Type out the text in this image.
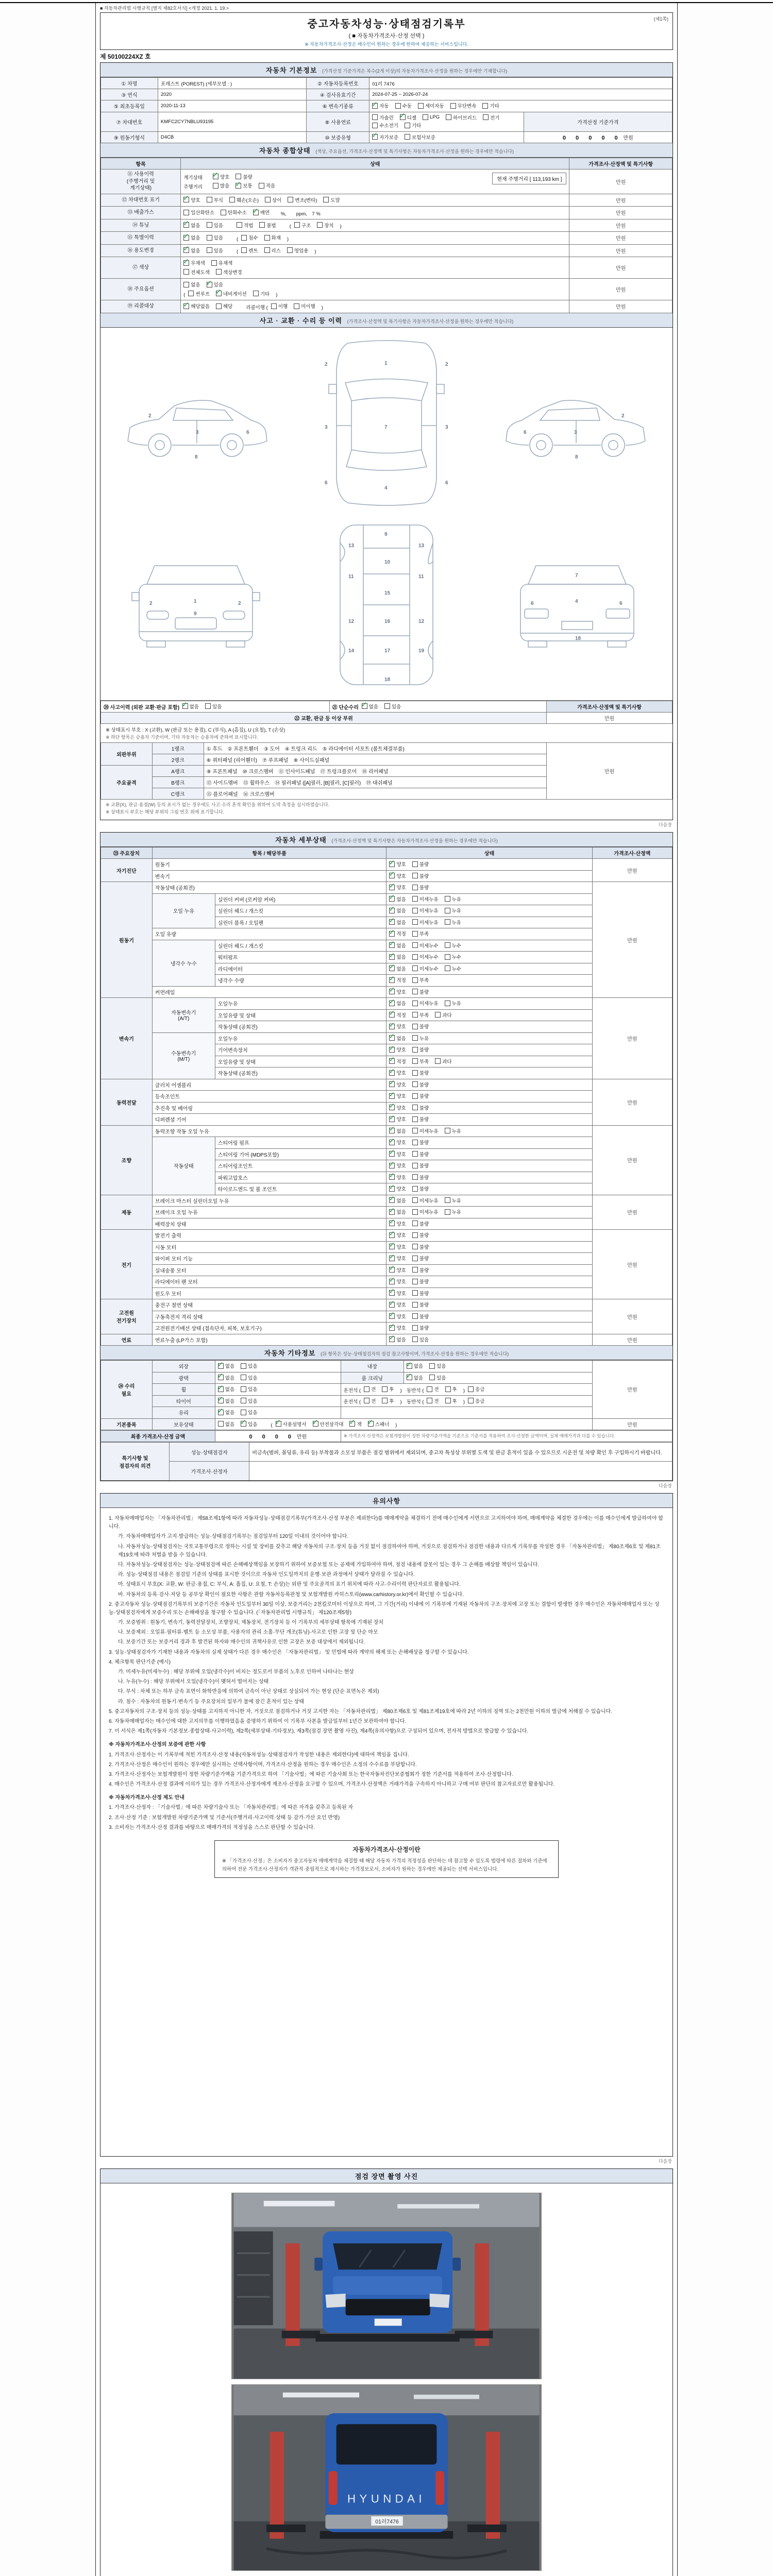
■ 자동차관리법 시행규칙 [별지 제82호서식] <개정 2021. 1. 19.>
중고자동차성능·상태점검기록부
( ■ 자동차가격조사·산정 선택 )
※ 자동차가격조사·산정은 매수인이 원하는 경우에 한하여 제공하는 서비스입니다.
(제1쪽)
제 50100224XZ 호
자동차 기본정보 (가격산정 기준가격은 복수(2개 이상)의 자동차가격조사·산정을 원하는 경우에만 기재합니다)
① 차명	포레스트 (POREST) (세부모델 : )	② 자동차등록번호	01러 7476	
③ 연식	2020	④ 검사유효기간	2024-07-25 ~ 2026-07-24	
⑤ 최초등록일	2020-11-13	⑥ 변속기종류	
✓자동 수동 세미자동 무단변속 기타

⑦ 차대번호	KMFC2CY7NBLU93195	⑧ 사용연료	
가솔린 ✓	디젤	LPG	하이브리드	전기
수소전기	기타
	가격산정 기준가격
⑨ 원동기형식	D4CB	⑩ 보증유형	
✓자가보증 보험사보증	0 0 0 0 0 만원
자동차 종합상태 (색상, 주요옵션, 가격조사·산정액 및 특기사항은 자동차가격조사·산정을 원하는 경우에만 적습니다)
항목	상태	가격조사·산정액 및 특기사항
⑪ 사용이력
(주행거리 및
계기상태)	
현재 주행거리 [ 113,193 km ]
계기상태 ✓	양호	불량
주행거리	많음 ✓	보통	적음
	만원
⑫ 차대번호 표기	
✓양호	부식	훼손(오손)	상이	변조(변타)	도말	만원
⑬ 배출가스	일산화탄소 탄화수소 ✓ 매연 　%,　　ppm,　7 %	만원
⑭ 튜닝	
✓없음	있음	적법	불법	( 구조	장치 )	만원
⑮ 특별이력	
✓없음	있음	( 침수	화재 )	만원
⑯ 용도변경	
✓없음	있음	( 렌트	리스	영업용 )	만원
⑰ 색상	
✓
무채색 유채색
전체도색 색상변경	만원
⑱ 주요옵션	
없음 ✓	있음
( 썬루프 ✓	네비게이션	기타 )
	만원
⑲ 리콜대상	
✓해당없음	해당	리콜이행 ( 이행	미이행 )	만원
사고 · 교환 · 수리 등 이력 (가격조사·산정액 및 특기사항은 자동차가격조사·산정을 원하는 경우에만 적습니다)
2
3	6
8
1
7
4
2	2
3	3
6	6
2
3
6
8
1
9
2	2
9
10
11	11
12	12
13	13
14
15
16
17
18
19
7
4
18
6	6
⑳ 사고이력 (외판 교환·판금 포함) ✓ 없음 있음	㉑ 단순수리 ✓ 없음 있음	가격조사·산정액 및 특기사항
㉒ 교환, 판금 등 이상 부위		만원
※ 상태표시 부호 : X (교환), W (판금 또는 용접), C (부식), A (흠집), U (요철), T (손상)
※ 하단 항목은 승용차 기준이며, 기타 자동차는 승용차에 준하여 표시합니다.
외판부위	1랭크	① 후드　② 프론트휀더　③ 도어　④ 트렁크 리드　⑤ 라디에이터 서포트 (볼트체결부품)	만원
	2랭크	⑥ 쿼터패널 (리어휀더)　⑦ 루프패널　⑧ 사이드실패널	
주요골격	A랭크	⑨ 프론트패널　⑩ 크로스멤버　⑪ 인사이드패널　⑰ 트렁크플로어　⑱ 리어패널	
	B랭크	⑫ 사이드멤버　⑬ 휠하우스　⑭ 필러패널 ([A]필러, [B]필러, [C]필러)　⑲ 대쉬패널	
	C랭크	⑮ 플로어패널　⑯ 크로스멤버	
※ 교환(X), 판금·용접(W) 등의 표시가 없는 경우에도 사고·수리 흔적 확인을 위하여 도막 측정을 실시하였습니다.
※ 상태표시 부호는 해당 부위의 그림 번호 위에 표기합니다.
다음장
자동차 세부상태 (가격조사·산정액 및 특기사항은 자동차가격조사·산정을 원하는 경우에만 적습니다)
㉓ 주요장치	항목 / 해당부품		상태	가격조사·산정액
자기진단	원동기	
✓양호 불량	만원
	변속기	
✓양호 불량

원동기	작동상태 (공회전)	
✓양호 불량	만원
	오일 누유	실린더 커버 (로커암 커버)	
✓없음 미세누유 누유

		실린더 헤드 / 개스킷	
✓없음 미세누유 누유

		실린더 블록 / 오일팬	
✓없음 미세누유 누유

	오일 유량	
✓적정 부족

	냉각수 누수	실린더 헤드 / 개스킷	
✓없음 미세누수 누수

		워터펌프	
✓없음 미세누수 누수

		라디에이터	
✓없음 미세누수 누수

		냉각수 수량	
✓적정 부족

	커먼레일	
✓양호 불량

변속기	자동변속기
(A/T)	오일누유	
✓없음 미세누유 누유	만원
		오일유량 및 상태	
✓적정 부족 과다

		작동상태 (공회전)	
✓양호 불량

	수동변속기
(M/T)	오일누유	
✓없음 누유

		기어변속장치	
✓양호 불량

		오일유량 및 상태	
✓적정 부족 과다

		작동상태 (공회전)	
✓양호 불량

동력전달	클러치 어셈블리	
✓양호 불량	만원
	등속조인트	
✓양호 불량

	추진축 및 베어링	
✓양호 불량

	디퍼렌셜 기어	
✓양호 불량

조향	동력조향 작동 오일 누유	
✓없음 미세누유 누유	만원
	작동상태	스티어링 펌프	
✓양호 불량

		스티어링 기어 (MDPS포함)	
✓양호 불량

		스티어링조인트	
✓양호 불량

		파워고압호스	
✓양호 불량

		타이로드엔드 및 볼 조인트	
✓양호 불량

제동	브레이크 마스터 실린더오일 누유	
✓없음 미세누유 누유	만원
	브레이크 오일 누유	
✓없음 미세누유 누유

	배력장치 상태	
✓양호 불량

전기	발전기 출력	
✓양호 불량	만원
	시동 모터	
✓양호 불량

	와이퍼 모터 기능	
✓양호 불량

	실내송풍 모터	
✓양호 불량

	라디에이터 팬 모터	
✓양호 불량

	윈도우 모터	
✓양호 불량

고전원
전기장치	충전구 절연 상태	
✓양호 불량	만원
	구동축전지 격리 상태	
✓양호 불량

	고전원전기배선 상태 (접속단자, 피복, 보호기구)	
✓양호 불량

연료	연료누출 (LP가스 포함)	
✓없음 있음	만원
자동차 기타정보 (㉔ 항목은 성능·상태점검자의 점검 참고사항이며, 가격조사·산정을 원하는 경우에만 적습니다)
㉔ 수리
필요	외장	
✓없음 있음	내장	
✓없음 있음	만원
	광택	
✓없음 있음	룸 크리닝	
✓없음 있음

휠	
✓없음	있음	운전석 ( 전	후 )　동반석 ( 전	후 ) 응급

타이어	
✓없음	있음	운전석 ( 전	후 )　동반석 ( 전	후 ) 응급

	유리	
✓없음 있음

기본품목	보유상태	없음 ✓	있음	( ✓ 사용설명서 ✓	안전삼각대 ✓	잭 ✓	스패너 )	만원
최종 가격조사·산정 금액	0 0 0 0 만원	※ 가격조사·산정액은 보험개발원이 정한 차량기준가액을 기준으로 기준서를 적용하여 조사·산정한 금액이며, 실제 매매가격과 다를 수 있습니다.
특기사항 및
점검자의 의견	성능·상태점검자	비금속(범퍼, 몰딩류, 유리 등) 부착물과 소모성 부품은 점검 범위에서 제외되며, 중고차 특성상 부위별 도색 및 판금 흔적이 있을 수 있으므로 시운전 및 차량 확인 후 구입하시기 바랍니다.
	가격조사·산정자	
다음장
유의사항
1. 자동차매매업자는 「자동차관리법」 제58조제1항에 따라 자동차성능·상태점검기록부(가격조사·산정 부분은 제외한다)를 매매계약을 체결하기 전에 매수인에게 서면으로 고지하여야 하며, 매매계약을 체결한 경우에는 이를 매수인에게 발급하여야 합니다.
가. 자동차매매업자가 고지·발급하는 성능·상태점검기록부는 점검일부터 120일 이내의 것이어야 합니다.
나. 자동차성능·상태점검자는 국토교통부령으로 정하는 시설 및 장비를 갖추고 해당 자동차의 구조·장치 등을 거짓 없이 점검하여야 하며, 거짓으로 점검하거나 점검한 내용과 다르게 기록부를 작성한 경우 「자동차관리법」 제80조제6호 및 제81조제19호에 따라 처벌을 받을 수 있습니다.
다. 자동차성능·상태점검자는 성능·상태점검에 따른 손해배상책임을 보장하기 위하여 보증보험 또는 공제에 가입하여야 하며, 점검 내용에 잘못이 있는 경우 그 손해를 배상할 책임이 있습니다.
라. 성능·상태점검 내용은 점검일 기준의 상태를 표시한 것이므로 자동차 인도일까지의 운행·보관 과정에서 상태가 달라질 수 있습니다.
마. 상태표시 부호(X: 교환, W: 판금·용접, C: 부식, A: 흠집, U: 요철, T: 손상)는 외판 및 주요골격의 표기 위치에 따라 사고·수리이력 판단자료로 활용됩니다.
바. 자동차의 등록·검사·저당 등 공부상 확인이 필요한 사항은 관할 자동차등록관청 및 보험개발원 카히스토리(www.carhistory.or.kr)에서 확인할 수 있습니다.
2. 중고자동차 성능·상태점검기록부의 보증기간은 자동차 인도일부터 30일 이상, 보증거리는 2천킬로미터 이상으로 하며, 그 기간(거리) 이내에 이 기록부에 기재된 자동차의 구조·장치에 고장 또는 결함이 발생한 경우 매수인은 자동차매매업자 또는 성능·상태점검자에게 보증수리 또는 손해배상을 청구할 수 있습니다. (「자동차관리법 시행규칙」 제120조제5항)
가. 보증범위 : 원동기, 변속기, 동력전달장치, 조향장치, 제동장치, 전기장치 등 이 기록부의 세부상태 항목에 기재된 장치
나. 보증제외 : 오일류·필터류·벨트 등 소모성 부품, 사용자의 관리 소홀·무단 개조(튜닝)·사고로 인한 고장 및 단순 마모
다. 보증기간 또는 보증거리 경과 후 발견된 하자와 매수인의 귀책사유로 인한 고장은 보증 대상에서 제외됩니다.
3. 성능·상태점검자가 기재한 내용과 자동차의 실제 상태가 다른 경우 매수인은 「자동차관리법」 및 민법에 따라 계약의 해제 또는 손해배상을 청구할 수 있습니다.
4. 체크항목 판단기준 (예시)
가. 미세누유(미세누수) : 해당 부위에 오일(냉각수)이 비치는 정도로서 부품의 노후로 인하여 나타나는 현상
나. 누유(누수) : 해당 부위에서 오일(냉각수)이 맺혀서 떨어지는 상태
다. 부식 : 차체 또는 하부 금속 표면이 화학반응에 의하여 금속이 아닌 상태로 상실되어 가는 현상 (단순 표면녹은 제외)
라. 침수 : 자동차의 원동기·변속기 등 주요장치의 일부가 물에 잠긴 흔적이 있는 상태
5. 중고자동차의 구조·장치 등의 성능·상태를 고지하지 아니한 자, 거짓으로 점검하거나 거짓 고지한 자는 「자동차관리법」 제80조제6호 및 제81조제19호에 따라 2년 이하의 징역 또는 2천만원 이하의 벌금에 처해질 수 있습니다.
6. 자동차매매업자는 매수인에 대한 고지의무를 이행하였음을 증명하기 위하여 이 기록부 사본을 발급일부터 1년간 보관하여야 합니다.
7. 이 서식은 제1쪽(자동차 기본정보·종합상태·사고이력), 제2쪽(세부상태·기타정보), 제3쪽(점검 장면 촬영 사진), 제4쪽(유의사항)으로 구성되어 있으며, 전자적 방법으로 발급할 수 있습니다.
※ 자동차가격조사·산정의 보증에 관한 사항
1. 가격조사·산정자는 이 기록부에 적힌 가격조사·산정 내용(자동차성능·상태점검자가 작성한 내용은 제외한다)에 대하여 책임을 집니다.
2. 가격조사·산정은 매수인이 원하는 경우에만 실시하는 선택사항이며, 가격조사·산정을 원하는 경우 매수인은 소정의 수수료를 부담합니다.
3. 가격조사·산정자는 보험개발원이 정한 차량기준가액을 기준가격으로 하여 「기술사법」에 따른 기술사회 또는 한국자동차진단보증협회가 정한 기준서를 적용하여 조사·산정합니다.
4. 매수인은 가격조사·산정 결과에 이의가 있는 경우 가격조사·산정자에게 재조사·산정을 요구할 수 있으며, 가격조사·산정액은 거래가격을 구속하지 아니하고 구매 여부 판단의 참고자료로만 활용됩니다.
※ 자동차가격조사·산정 제도 안내
1. 가격조사·산정자 : 「기술사법」에 따른 차량기술사 또는 「자동차관리법」에 따른 자격을 갖추고 등록된 자
2. 조사·산정 기준 : 보험개발원 차량기준가액 및 기준서(주행거리·사고이력·상태 등 감가·가산 요인 반영)
3. 소비자는 가격조사·산정 결과를 바탕으로 매매가격의 적정성을 스스로 판단할 수 있습니다.
자동차가격조사·산정이란
※ 「가격조사·산정」은 소비자가 중고자동차 매매계약을 체결할 때 해당 자동차 가격의 적정성을 판단하는 데 참고할 수 있도록 법령에 따른 절차와 기준에 의하여 전문 가격조사·산정자가 객관적·중립적으로 제시하는 가격정보로서, 소비자가 원하는 경우에만 제공되는 선택 서비스입니다.
다음장
점검 장면 촬영 사진
HYUNDAI
01러7476
